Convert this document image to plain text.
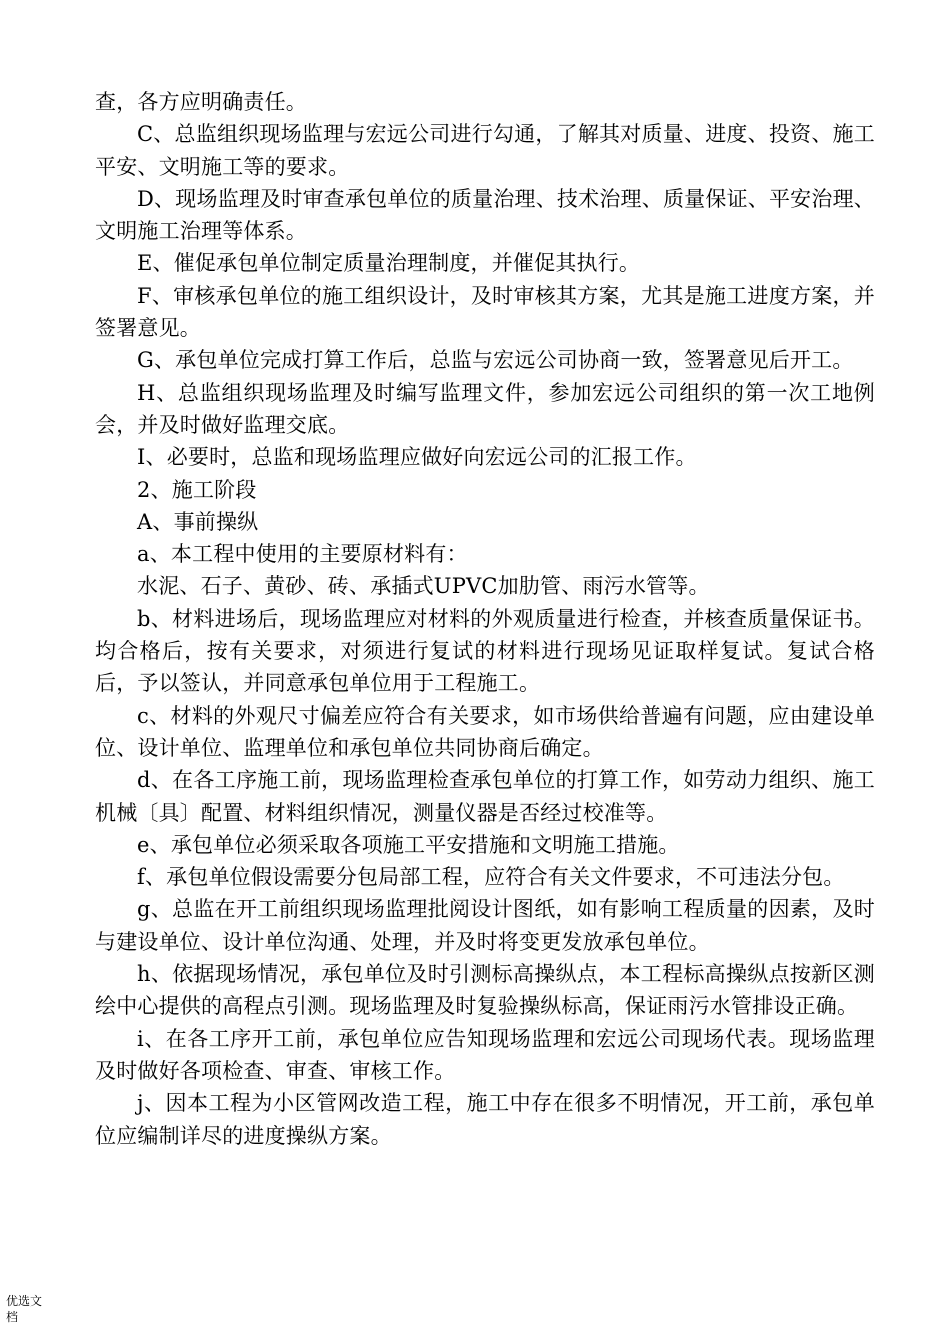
查，各方应明确责任。

C、总监组织现场监理与宏远公司进行勾通，了解其对质量、进度、投资、施工平安、文明施工等的要求。

D、现场监理及时审查承包单位的质量治理、技术治理、质量保证、平安治理、文明施工治理等体系。

E、催促承包单位制定质量治理制度，并催促其执行。

F、审核承包单位的施工组织设计，及时审核其方案，尤其是施工进度方案，并签署意见。

G、承包单位完成打算工作后，总监与宏远公司协商一致，签署意见后开工。

H、总监组织现场监理及时编写监理文件，参加宏远公司组织的第一次工地例会，并及时做好监理交底。

I、必要时，总监和现场监理应做好向宏远公司的汇报工作。

2、施工阶段

A、事前操纵

a、本工程中使用的主要原材料有：

水泥、石子、黄砂、砖、承插式UPVC加肋管、雨污水管等。

b、材料进场后，现场监理应对材料的外观质量进行检查，并核查质量保证书。均合格后，按有关要求，对须进行复试的材料进行现场见证取样复试。复试合格后，予以签认，并同意承包单位用于工程施工。

c、材料的外观尺寸偏差应符合有关要求，如市场供给普遍有问题，应由建设单位、设计单位、监理单位和承包单位共同协商后确定。

d、在各工序施工前，现场监理检查承包单位的打算工作，如劳动力组织、施工机械〔具〕配置、材料组织情况，测量仪器是否经过校准等。

e、承包单位必须采取各项施工平安措施和文明施工措施。

f、承包单位假设需要分包局部工程，应符合有关文件要求，不可违法分包。

g、总监在开工前组织现场监理批阅设计图纸，如有影响工程质量的因素，及时与建设单位、设计单位沟通、处理，并及时将变更发放承包单位。

h、依据现场情况，承包单位及时引测标高操纵点，本工程标高操纵点按新区测绘中心提供的高程点引测。现场监理及时复验操纵标高，保证雨污水管排设正确。

i、在各工序开工前，承包单位应告知现场监理和宏远公司现场代表。现场监理及时做好各项检查、审查、审核工作。

j、因本工程为小区管网改造工程，施工中存在很多不明情况，开工前，承包单位应编制详尽的进度操纵方案。

优选文档
